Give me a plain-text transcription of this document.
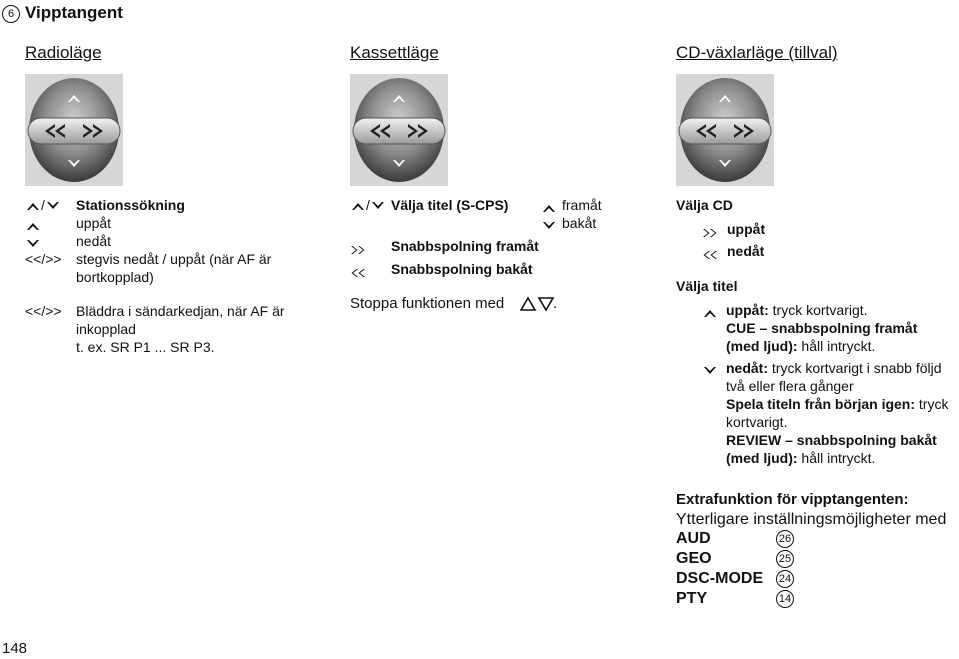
6 Vipptangent
Radioläge	Kassettläge	CD-växlarläge (tillval)
/	Stationssökning
uppåt
nedåt
<</>> stegvis nedåt / uppåt (när AF är
bortkopplad)
<</>> Bläddra i sändarkedjan, när AF är
inkopplad
t. ex. SR P1 ... SR P3.
/	Välja titel (S-CPS)	framåt
bakåt
Snabbspolning framåt
Snabbspolning bakåt
Stoppa funktionen med	.
Välja CD
uppåt
nedåt
Välja titel
uppåt: tryck kortvarigt.
CUE – snabbspolning framåt
(med ljud): håll intryckt.
nedåt: tryck kortvarigt i snabb följd
två eller flera gånger
Spela titeln från början igen: tryck
kortvarigt.
REVIEW – snabbspolning bakåt
(med ljud): håll intryckt.
Extrafunktion för vipptangenten:
Ytterligare inställningsmöjligheter med
AUD	26
GEO	25
DSC-MODE 24
PTY	14
148
